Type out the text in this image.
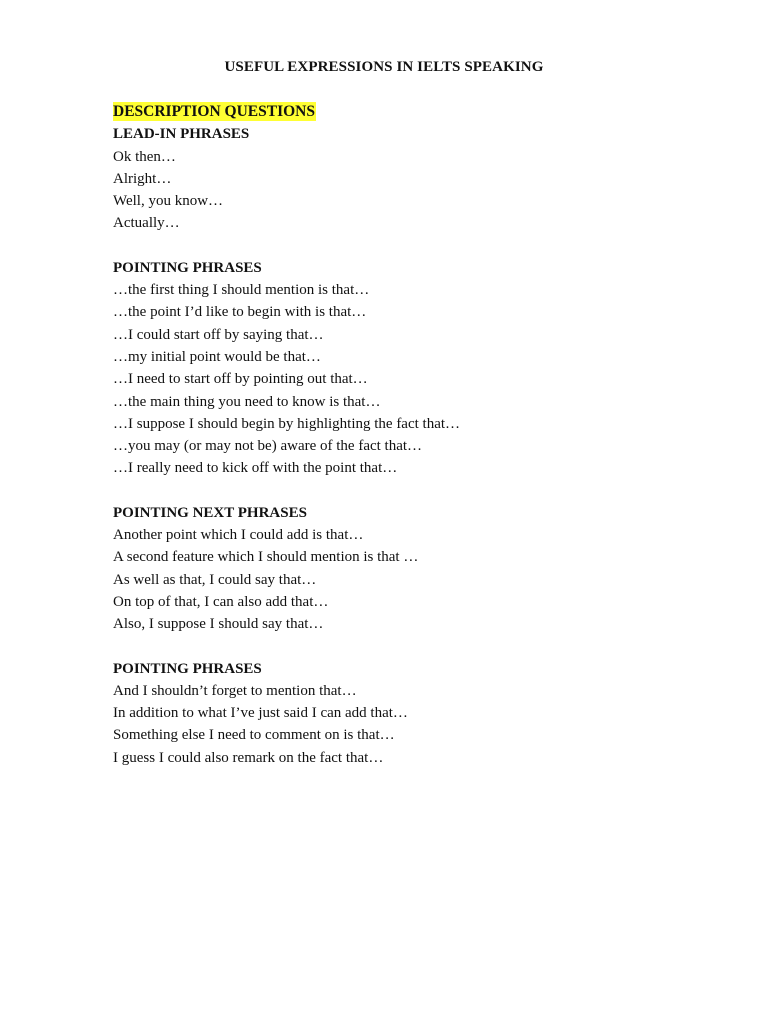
USEFUL EXPRESSIONS IN IELTS SPEAKING
DESCRIPTION QUESTIONS
LEAD-IN PHRASES
Ok then…
Alright…
Well, you know…
Actually…
POINTING PHRASES
…the first thing I should mention is that…
…the point I’d like to begin with is that…
…I could start off by saying that…
…my initial point would be that…
…I need to start off by pointing out that…
…the main thing you need to know is that…
…I suppose I should begin by highlighting the fact that…
…you may (or may not be) aware of the fact that…
…I really need to kick off with the point that…
POINTING NEXT PHRASES
Another point which I could add is that…
A second feature which I should mention is that …
As well as that, I could say that…
On top of that, I can also add that…
Also, I suppose I should say that…
POINTING PHRASES
And I shouldn’t forget to mention that…
In addition to what I’ve just said I can add that…
Something else I need to comment on is that…
I guess I could also remark on the fact that…
